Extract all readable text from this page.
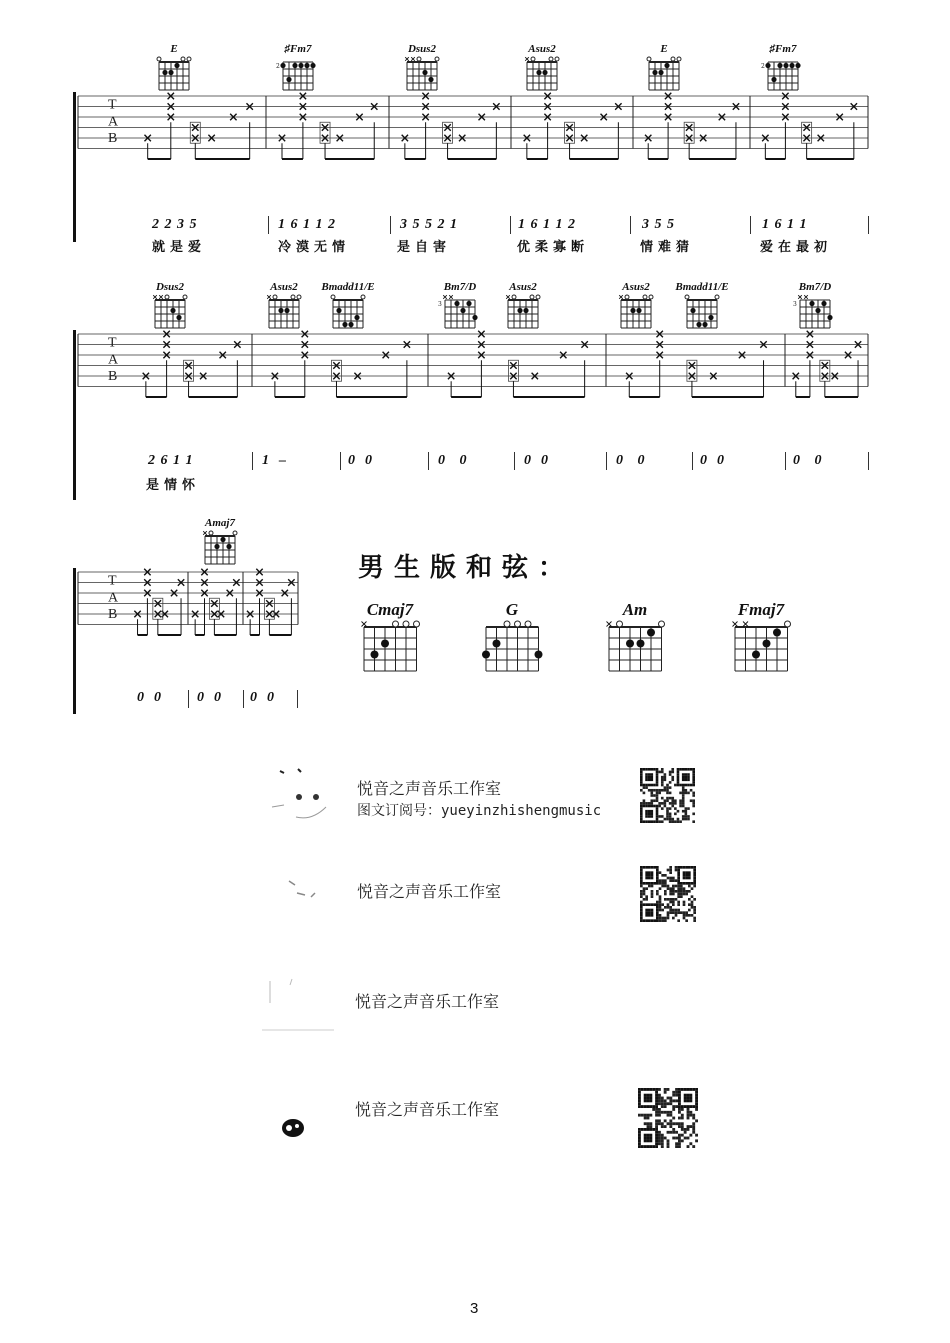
E	♯Fm7
2
Dsus2	Asus2	E	♯Fm7
2
T
A
B
2 2 3 5	1 6 1 1 2	3 5 5 2 1	1 6 1 1 2	3 5 5	1 6 1 1
就是爱	冷漠无情	是自害	优柔寡断	情难猜	爱在最初
Dsus2	Asus2	Bmadd11/E	Bm7/D
3
Asus2	Asus2	Bmadd11/E	Bm7/D
3
T
A
B
2 6 1 1	1  –	0  0	0   0	0  0	0   0	0  0	0   0
是情怀
Amaj7
T
A
B
0  0	0  0 0  0
男生版和弦：
Cmaj7	G	Am	Fmaj7
悦音之声音乐工作室
图文订阅号：yueyinzhishengmusic
悦音之声音乐工作室
悦音之声音乐工作室
悦音之声音乐工作室
3
